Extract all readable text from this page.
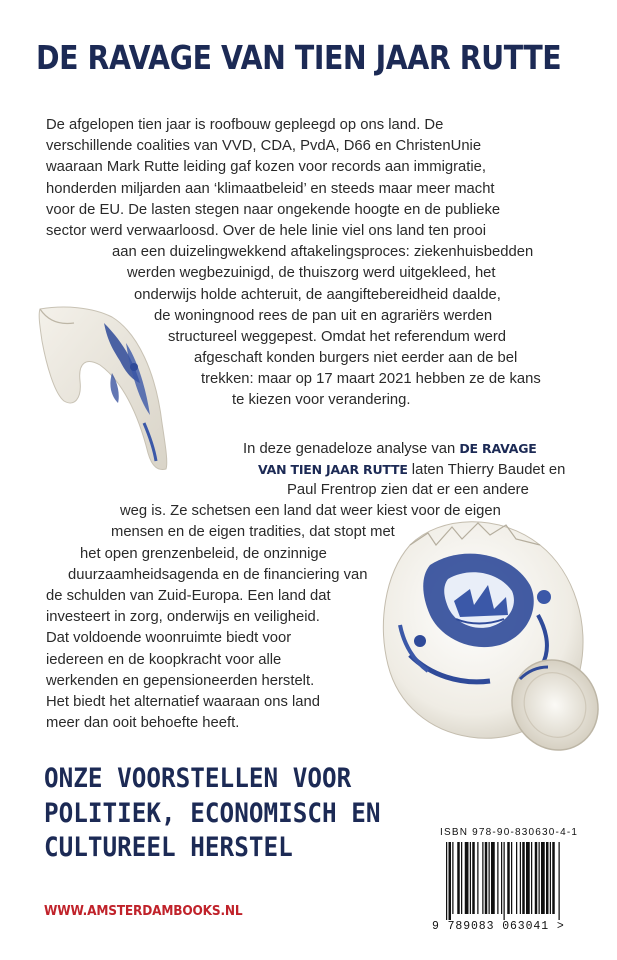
DE RAVAGE VAN TIEN JAAR RUTTE
De afgelopen tien jaar is roofbouw gepleegd op ons land. De
verschillende coalities van VVD, CDA, PvdA, D66 en ChristenUnie
waaraan Mark Rutte leiding gaf kozen voor records aan immigratie,
honderden miljarden aan ‘klimaatbeleid’ en steeds maar meer macht
voor de EU. De lasten stegen naar ongekende hoogte en de publieke
sector werd verwaarloosd. Over de hele linie viel ons land ten prooi
aan een duizelingwekkend aftakelingsproces: ziekenhuisbedden
werden wegbezuinigd, de thuiszorg werd uitgekleed, het
onderwijs holde achteruit, de aangiftebereidheid daalde,
de woningnood rees de pan uit en agrariërs werden
structureel weggepest. Omdat het referendum werd
afgeschaft konden burgers niet eerder aan de bel
trekken: maar op 17 maart 2021 hebben ze de kans
te kiezen voor verandering.
In deze genadeloze analyse van DE RAVAGE
VAN TIEN JAAR RUTTE laten Thierry Baudet en
Paul Frentrop zien dat er een andere
weg is. Ze schetsen een land dat weer kiest voor de eigen
mensen en de eigen tradities, dat stopt met
het open grenzenbeleid, de onzinnige
duurzaamheidsagenda en de financiering van
de schulden van Zuid-Europa. Een land dat
investeert in zorg, onderwijs en veiligheid.
Dat voldoende woonruimte biedt voor
iedereen en de koopkracht voor alle
werkenden en gepensioneerden herstelt.
Het biedt het alternatief waaraan ons land
meer dan ooit behoefte heeft.
ONZE VOORSTELLEN VOOR
POLITIEK, ECONOMISCH EN
CULTUREEL HERSTEL
WWW.AMSTERDAMBOOKS.NL
ISBN 978-90-830630-4-1
9 789083 063041 >
